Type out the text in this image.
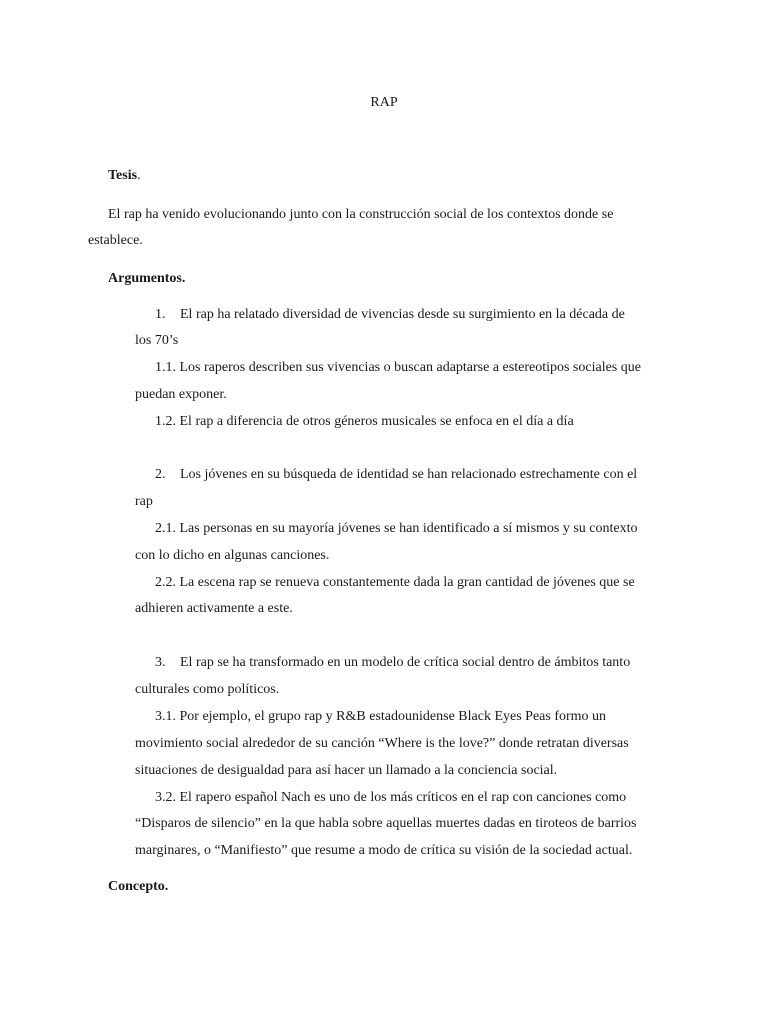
RAP
Tesis.
El rap ha venido evolucionando junto con la construcción social de los contextos donde se
establece.
Argumentos.
1. El rap ha relatado diversidad de vivencias desde su surgimiento en la década de
los 70’s
1.1. Los raperos describen sus vivencias o buscan adaptarse a estereotipos sociales que
puedan exponer.
1.2. El rap a diferencia de otros géneros musicales se enfoca en el día a día
2. Los jóvenes en su búsqueda de identidad se han relacionado estrechamente con el
rap
2.1. Las personas en su mayoría jóvenes se han identificado a sí mismos y su contexto
con lo dicho en algunas canciones.
2.2. La escena rap se renueva constantemente dada la gran cantidad de jóvenes que se
adhieren activamente a este.
3. El rap se ha transformado en un modelo de crítica social dentro de ámbitos tanto
culturales como políticos.
3.1. Por ejemplo, el grupo rap y R&B estadounidense Black Eyes Peas formo un
movimiento social alrededor de su canción “Where is the love?” donde retratan diversas
situaciones de desigualdad para así hacer un llamado a la conciencia social.
3.2. El rapero español Nach es uno de los más críticos en el rap con canciones como
“Disparos de silencio” en la que habla sobre aquellas muertes dadas en tiroteos de barrios
marginares, o “Manifiesto” que resume a modo de crítica su visión de la sociedad actual.
Concepto.
